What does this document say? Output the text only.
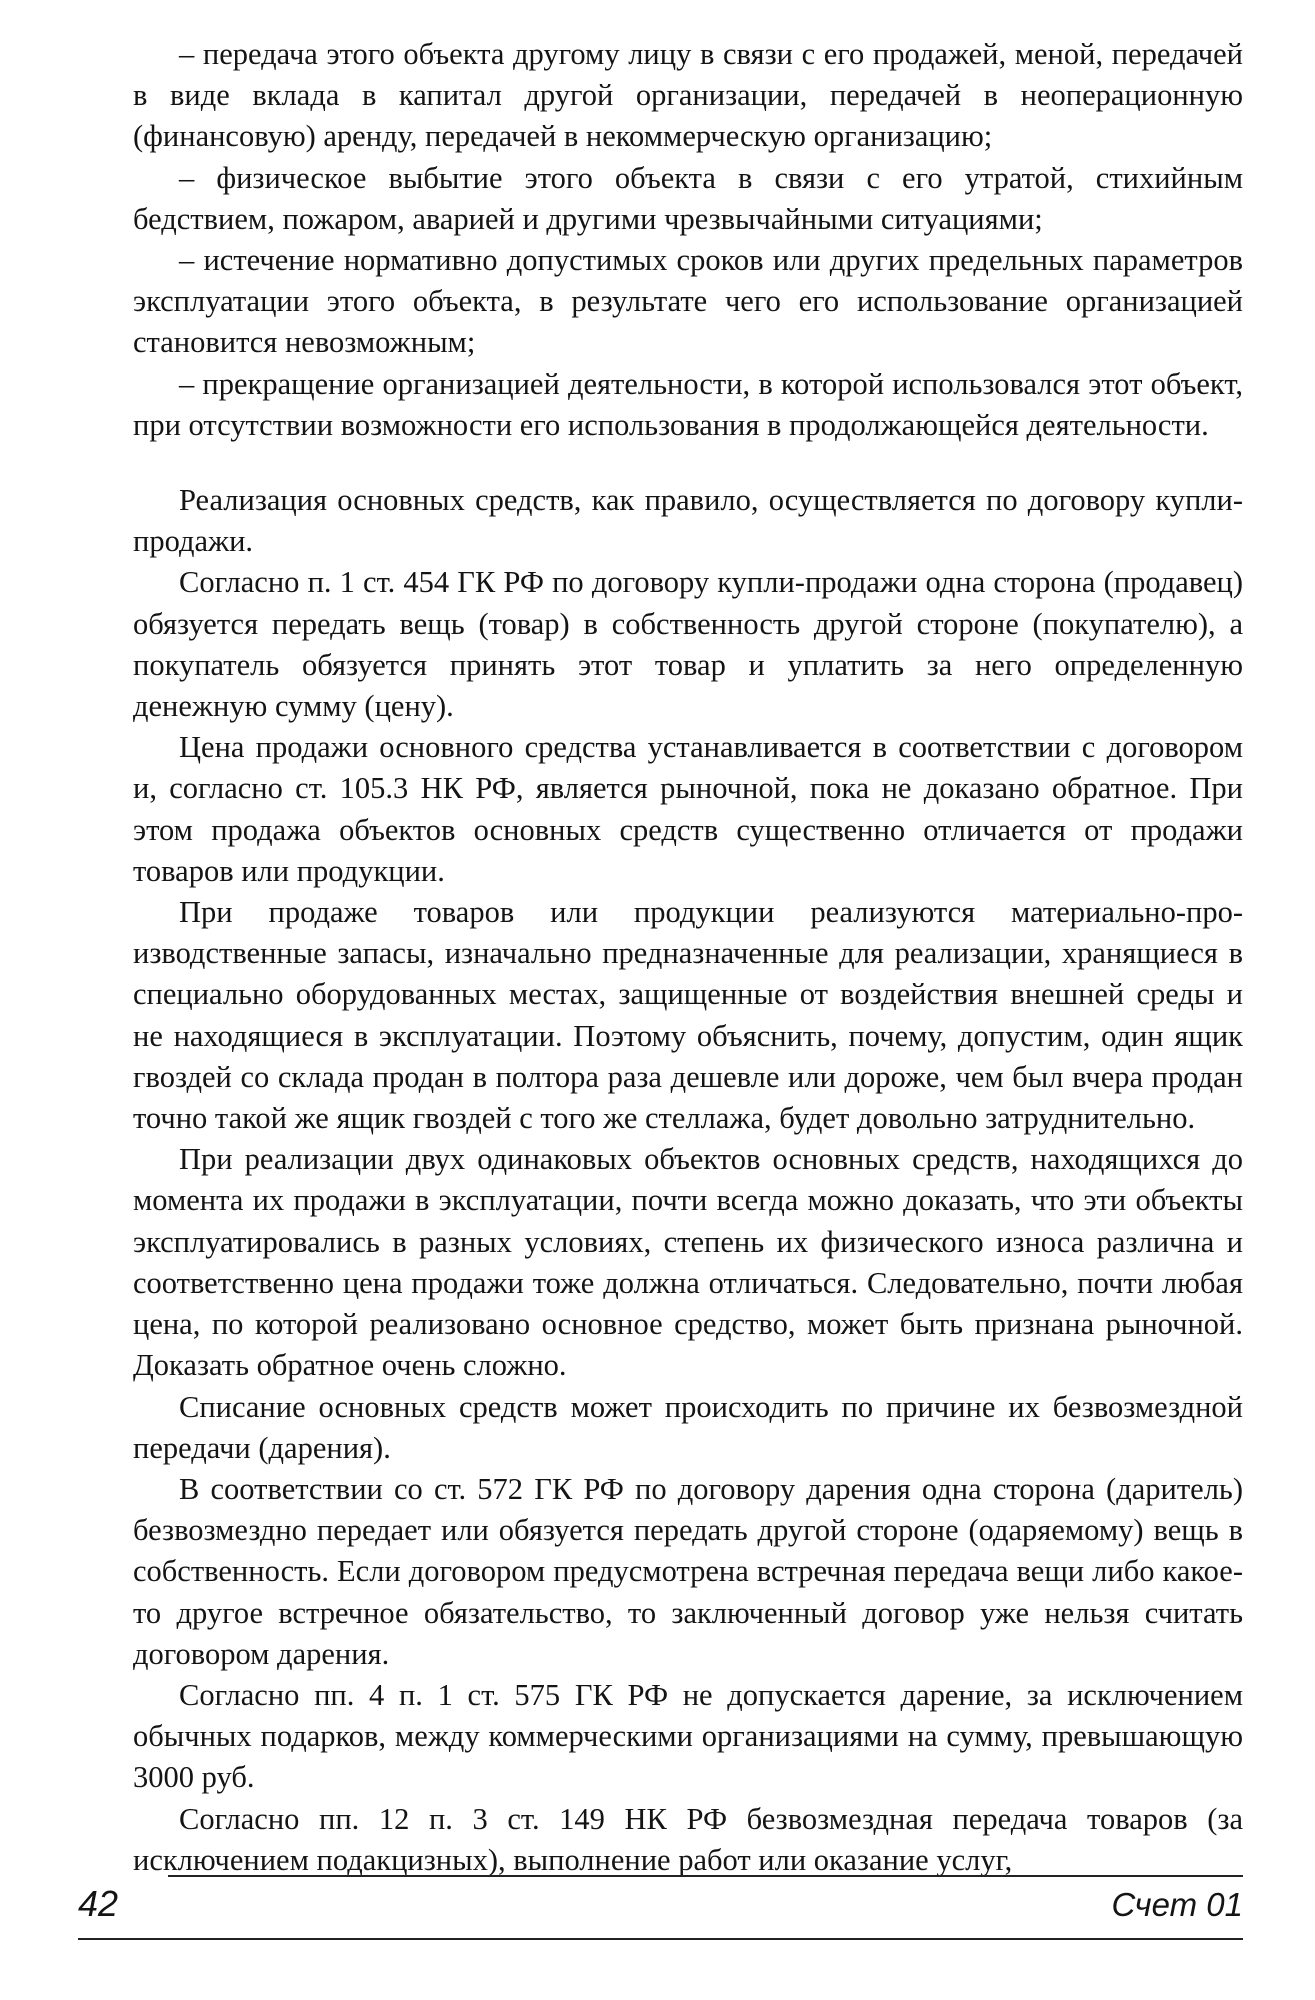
– передача этого объекта другому лицу в связи с его продажей, меной, передачей в виде вклада в капитал другой организации, передачей в неоперационную (финансовую) аренду, передачей в некоммерческую организацию;

– физическое выбытие этого объекта в связи с его утратой, стихийным бедствием, пожаром, аварией и другими чрезвычайными ситуациями;

– истечение нормативно допустимых сроков или других предельных параметров эксплуатации этого объекта, в результате чего его использование организацией становится невозможным;

– прекращение организацией деятельности, в которой использовался этот объект, при отсутствии возможности его использования в продолжающейся деятельности.

Реализация основных средств, как правило, осуществляется по договору купли-продажи.

Согласно п. 1 ст. 454 ГК РФ по договору купли-продажи одна сторона (продавец) обязуется передать вещь (товар) в собственность другой стороне (покупателю), а покупатель обязуется принять этот товар и уплатить за него определенную денежную сумму (цену).

Цена продажи основного средства устанавливается в соответствии с договором и, согласно ст. 105.3 НК РФ, является рыночной, пока не доказано обратное. При этом продажа объектов основных средств существенно отличается от продажи товаров или продукции.

При продаже товаров или продукции реализуются материально-производственные запасы, изначально предназначенные для реализации, хранящиеся в специально оборудованных местах, защищенные от воздействия внешней среды и не находящиеся в эксплуатации. Поэтому объяснить, почему, допустим, один ящик гвоздей со склада продан в полтора раза дешевле или дороже, чем был вчера продан точно такой же ящик гвоздей с того же стеллажа, будет довольно затруднительно.

При реализации двух одинаковых объектов основных средств, находящихся до момента их продажи в эксплуатации, почти всегда можно доказать, что эти объекты эксплуатировались в разных условиях, степень их физического износа различна и соответственно цена продажи тоже должна отличаться. Следовательно, почти любая цена, по которой реализовано основное средство, может быть признана рыночной. Доказать обратное очень сложно.

Списание основных средств может происходить по причине их безвозмездной передачи (дарения).

В соответствии со ст. 572 ГК РФ по договору дарения одна сторона (даритель) безвозмездно передает или обязуется передать другой стороне (одаряемому) вещь в собственность. Если договором предусмотрена встречная передача вещи либо какое-то другое встречное обязательство, то заключенный договор уже нельзя считать договором дарения.

Согласно пп. 4 п. 1 ст. 575 ГК РФ не допускается дарение, за исключением обычных подарков, между коммерческими организациями на сумму, превышающую 3000 руб.

Согласно пп. 12 п. 3 ст. 149 НК РФ безвозмездная передача товаров (за исключением подакцизных), выполнение работ или оказание услуг,

42	Счет 01
